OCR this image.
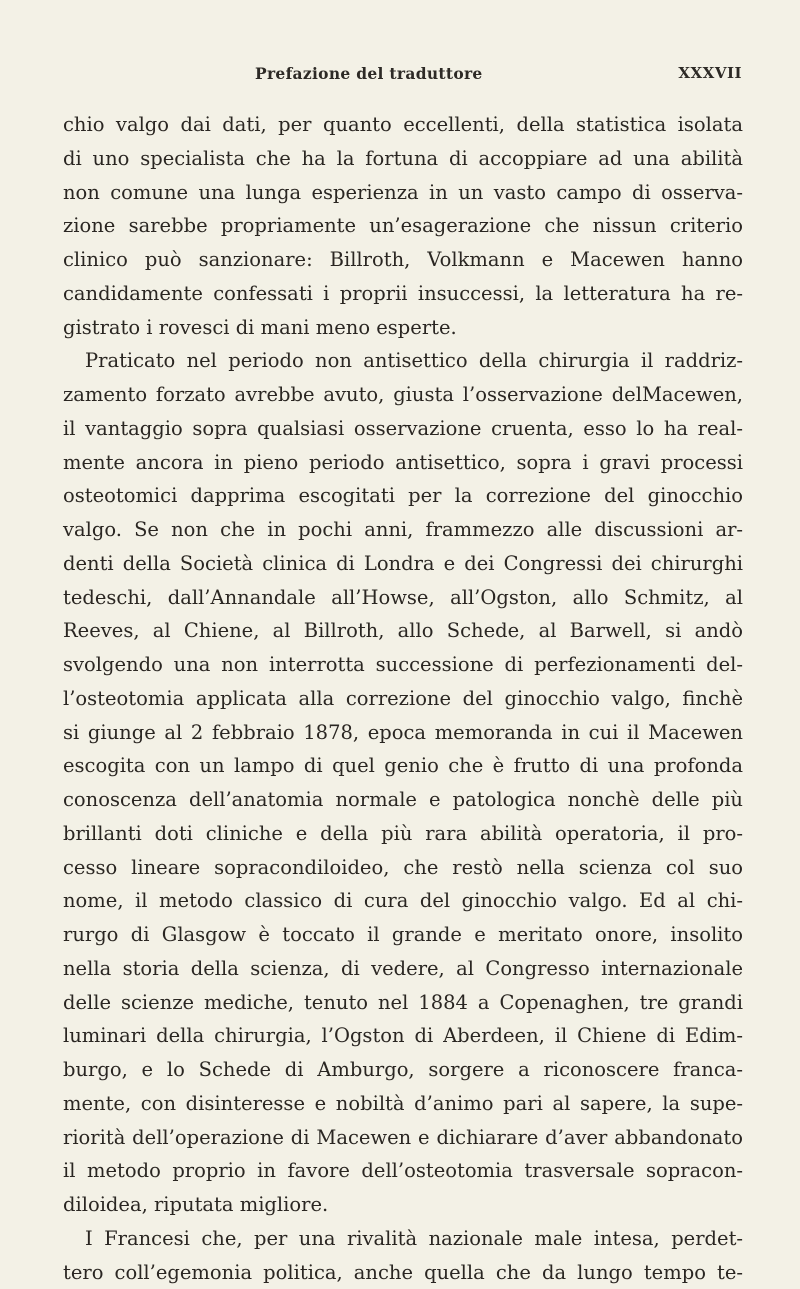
Prefazione del traduttore	XXXVII
chio valgo dai dati, per quanto eccellenti, della statistica isolata
di uno specialista che ha la fortuna di accoppiare ad una abilità
non comune una lunga esperienza in un vasto campo di osserva-
zione sarebbe propriamente un’esagerazione che nissun criterio
clinico può sanzionare: Billroth, Volkmann e Macewen hanno
candidamente confessati i proprii insuccessi, la letteratura ha re-
gistrato i rovesci di mani meno esperte.
Praticato nel periodo non antisettico della chirurgia il raddriz-
zamento forzato avrebbe avuto, giusta l’osservazione delMacewen,
il vantaggio sopra qualsiasi osservazione cruenta, esso lo ha real-
mente ancora in pieno periodo antisettico, sopra i gravi processi
osteotomici dapprima escogitati per la correzione del ginocchio
valgo. Se non che in pochi anni, frammezzo alle discussioni ar-
denti della Società clinica di Londra e dei Congressi dei chirurghi
tedeschi, dall’Annandale all’Howse, all’Ogston, allo Schmitz, al
Reeves, al Chiene, al Billroth, allo Schede, al Barwell, si andò
svolgendo una non interrotta successione di perfezionamenti del-
l’osteotomia applicata alla correzione del ginocchio valgo, finchè
si giunge al 2 febbraio 1878, epoca memoranda in cui il Macewen
escogita con un lampo di quel genio che è frutto di una profonda
conoscenza dell’anatomia normale e patologica nonchè delle più
brillanti doti cliniche e della più rara abilità operatoria, il pro-
cesso lineare sopracondiloideo, che restò nella scienza col suo
nome, il metodo classico di cura del ginocchio valgo. Ed al chi-
rurgo di Glasgow è toccato il grande e meritato onore, insolito
nella storia della scienza, di vedere, al Congresso internazionale
delle scienze mediche, tenuto nel 1884 a Copenaghen, tre grandi
luminari della chirurgia, l’Ogston di Aberdeen, il Chiene di Edim-
burgo, e lo Schede di Amburgo, sorgere a riconoscere franca-
mente, con disinteresse e nobiltà d’animo pari al sapere, la supe-
riorità dell’operazione di Macewen e dichiarare d’aver abbandonato
il metodo proprio in favore dell’osteotomia trasversale sopracon-
diloidea, riputata migliore.
I Francesi che, per una rivalità nazionale male intesa, perdet-
tero coll’egemonia politica, anche quella che da lungo tempo te-
